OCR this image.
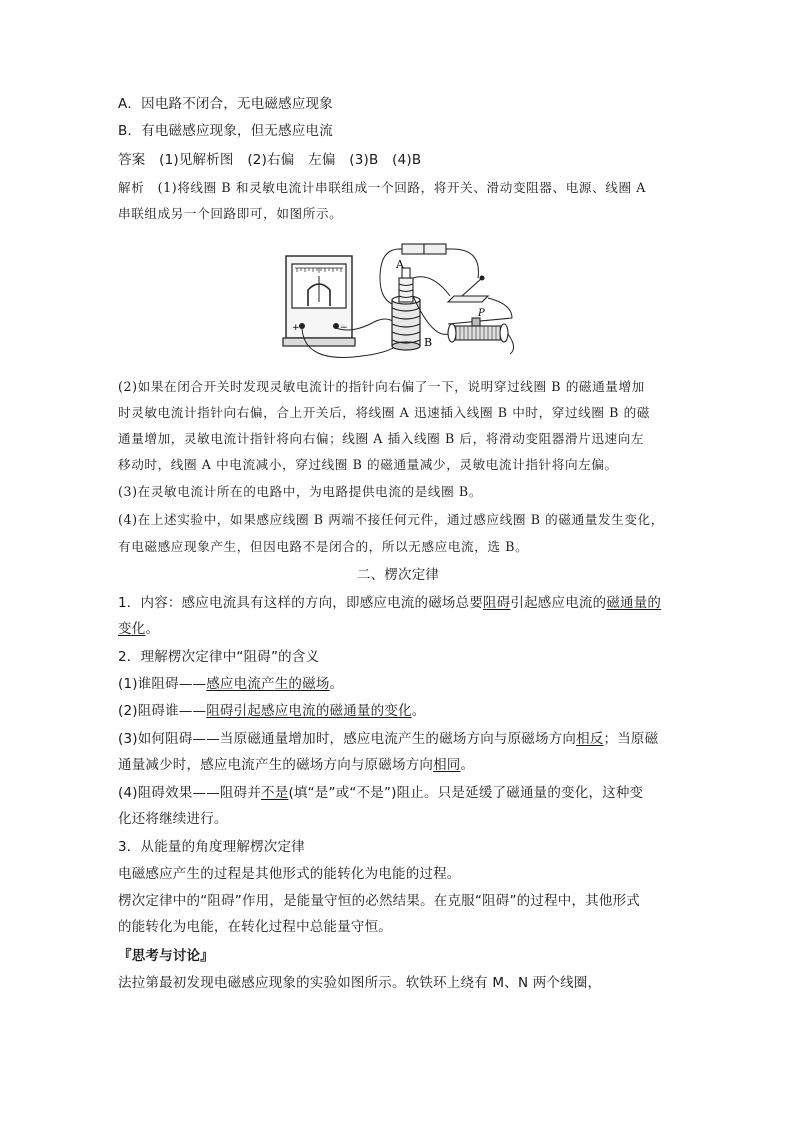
A．因电路不闭合，无电磁感应现象
B．有电磁感应现象，但无感应电流
答案　 (1)见解析图　(2)右偏　左偏　(3)B　(4)B
解析　 (1)将线圈 B 和灵敏电流计串联组成一个回路，将开关、滑动变阻器、电源、线圈 A
串联组成另一个回路即可，如图所示。
+	−
A
B
P
(2)如果在闭合开关时发现灵敏电流计的指针向右偏了一下，说明穿过线圈 B 的磁通量增加
时灵敏电流计指针向右偏，合上开关后，将线圈 A 迅速插入线圈 B 中时，穿过线圈 B 的磁
通量增加，灵敏电流计指针将向右偏；线圈 A 插入线圈 B 后，将滑动变阻器滑片迅速向左
移动时，线圈 A 中电流减小，穿过线圈 B 的磁通量减少，灵敏电流计指针将向左偏。
(3)在灵敏电流计所在的电路中，为电路提供电流的是线圈 B。
(4)在上述实验中，如果感应线圈 B 两端不接任何元件，通过感应线圈 B 的磁通量发生变化，
有电磁感应现象产生，但因电路不是闭合的，所以无感应电流，选 B。
二、楞次定律
1．内容：感应电流具有这样的方向，即感应电流的磁场总要阻碍引起感应电流的磁通量的
变化。
2．理解楞次定律中“阻碍”的含义
(1)谁阻碍——感应电流产生的磁场。
(2)阻碍谁——阻碍引起感应电流的磁通量的变化。
(3)如何阻碍——当原磁通量增加时，感应电流产生的磁场方向与原磁场方向相反；当原磁
通量减少时，感应电流产生的磁场方向与原磁场方向相同。
(4)阻碍效果——阻碍并不是(填“是”或“不是”)阻止。只是延缓了磁通量的变化，这种变
化还将继续进行。
3．从能量的角度理解楞次定律
电磁感应产生的过程是其他形式的能转化为电能的过程。
楞次定律中的“阻碍”作用，是能量守恒的必然结果。在克服“阻碍”的过程中，其他形式
的能转化为电能，在转化过程中总能量守恒。
『思考与讨论』
法拉第最初发现电磁感应现象的实验如图所示。软铁环上绕有 M、N 两个线圈，
